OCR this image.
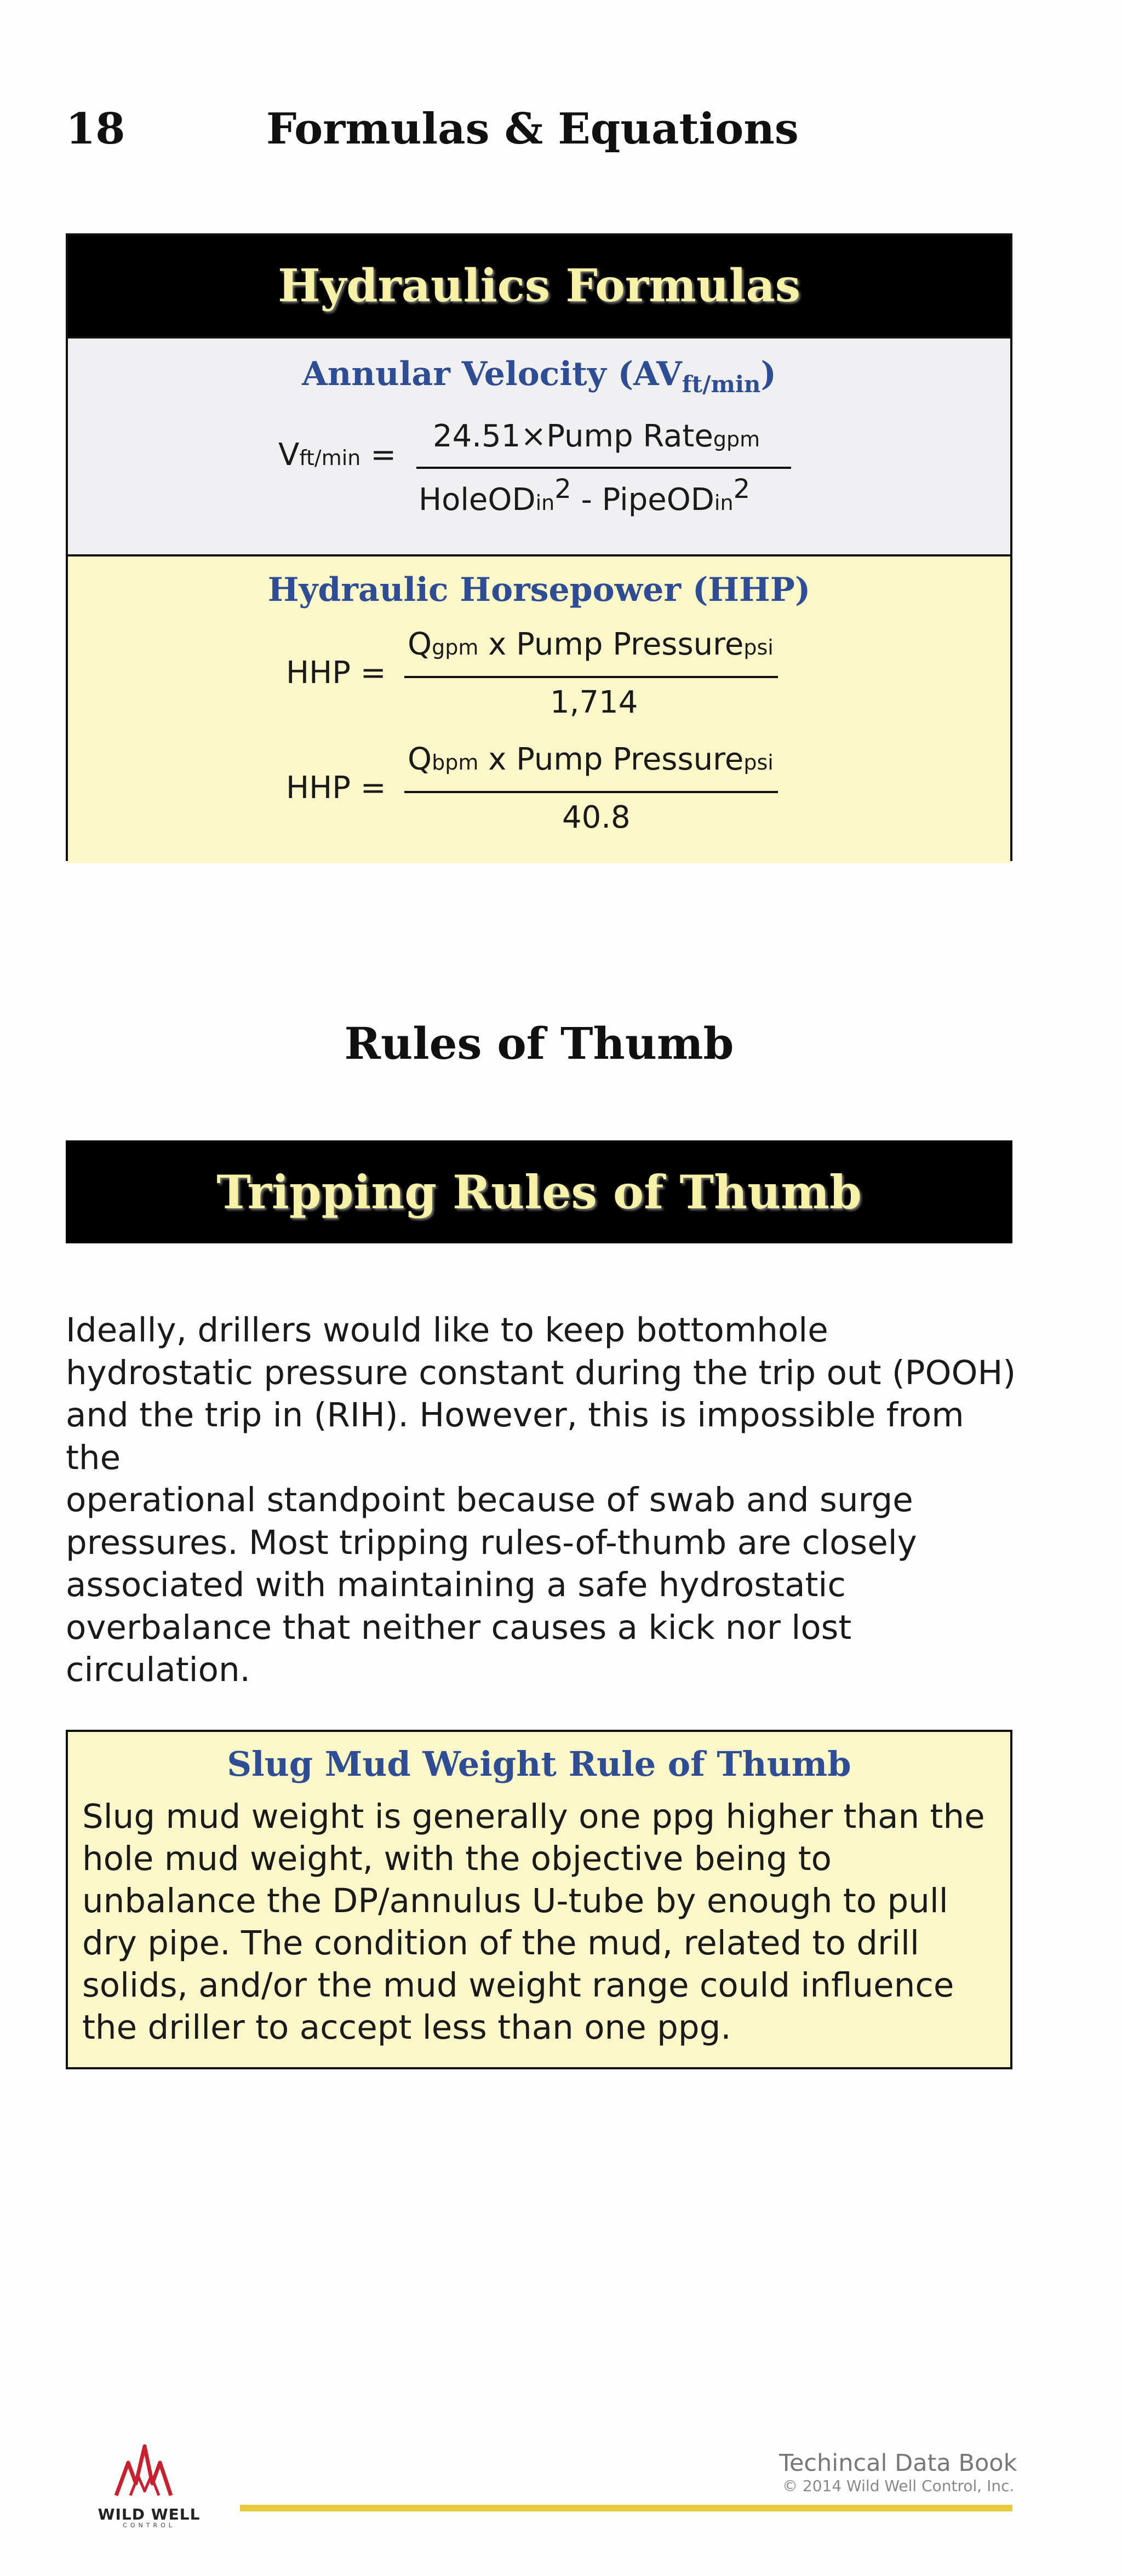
18	Formulas & Equations
Hydraulics Formulas
Annular Velocity $(AV_{ft/min})$
Vft/min =
24.51×Pump Rategpm
HoleODin2 - PipeODin2
Hydraulic Horsepower (HHP)
HHP =
Qgpm x Pump Pressurepsi
1,714
HHP =
Qbpm x Pump Pressurepsi
40.8
Rules of Thumb
Tripping Rules of Thumb
Ideally, drillers would like to keep bottomhole
hydrostatic pressure constant during the trip out (POOH)
and the trip in (RIH). However, this is impossible from the
operational standpoint because of swab and surge
pressures. Most tripping rules-of-thumb are closely
associated with maintaining a safe hydrostatic
overbalance that neither causes a kick nor lost
circulation.
Slug Mud Weight Rule of Thumb
Slug mud weight is generally one ppg higher than the
hole mud weight, with the objective being to
unbalance the DP/annulus U-tube by enough to pull
dry pipe. The condition of the mud, related to drill
solids, and/or the mud weight range could influence
the driller to accept less than one ppg.
WILD WELL
CONTROL
Techincal Data Book
© 2014 Wild Well Control, Inc.
